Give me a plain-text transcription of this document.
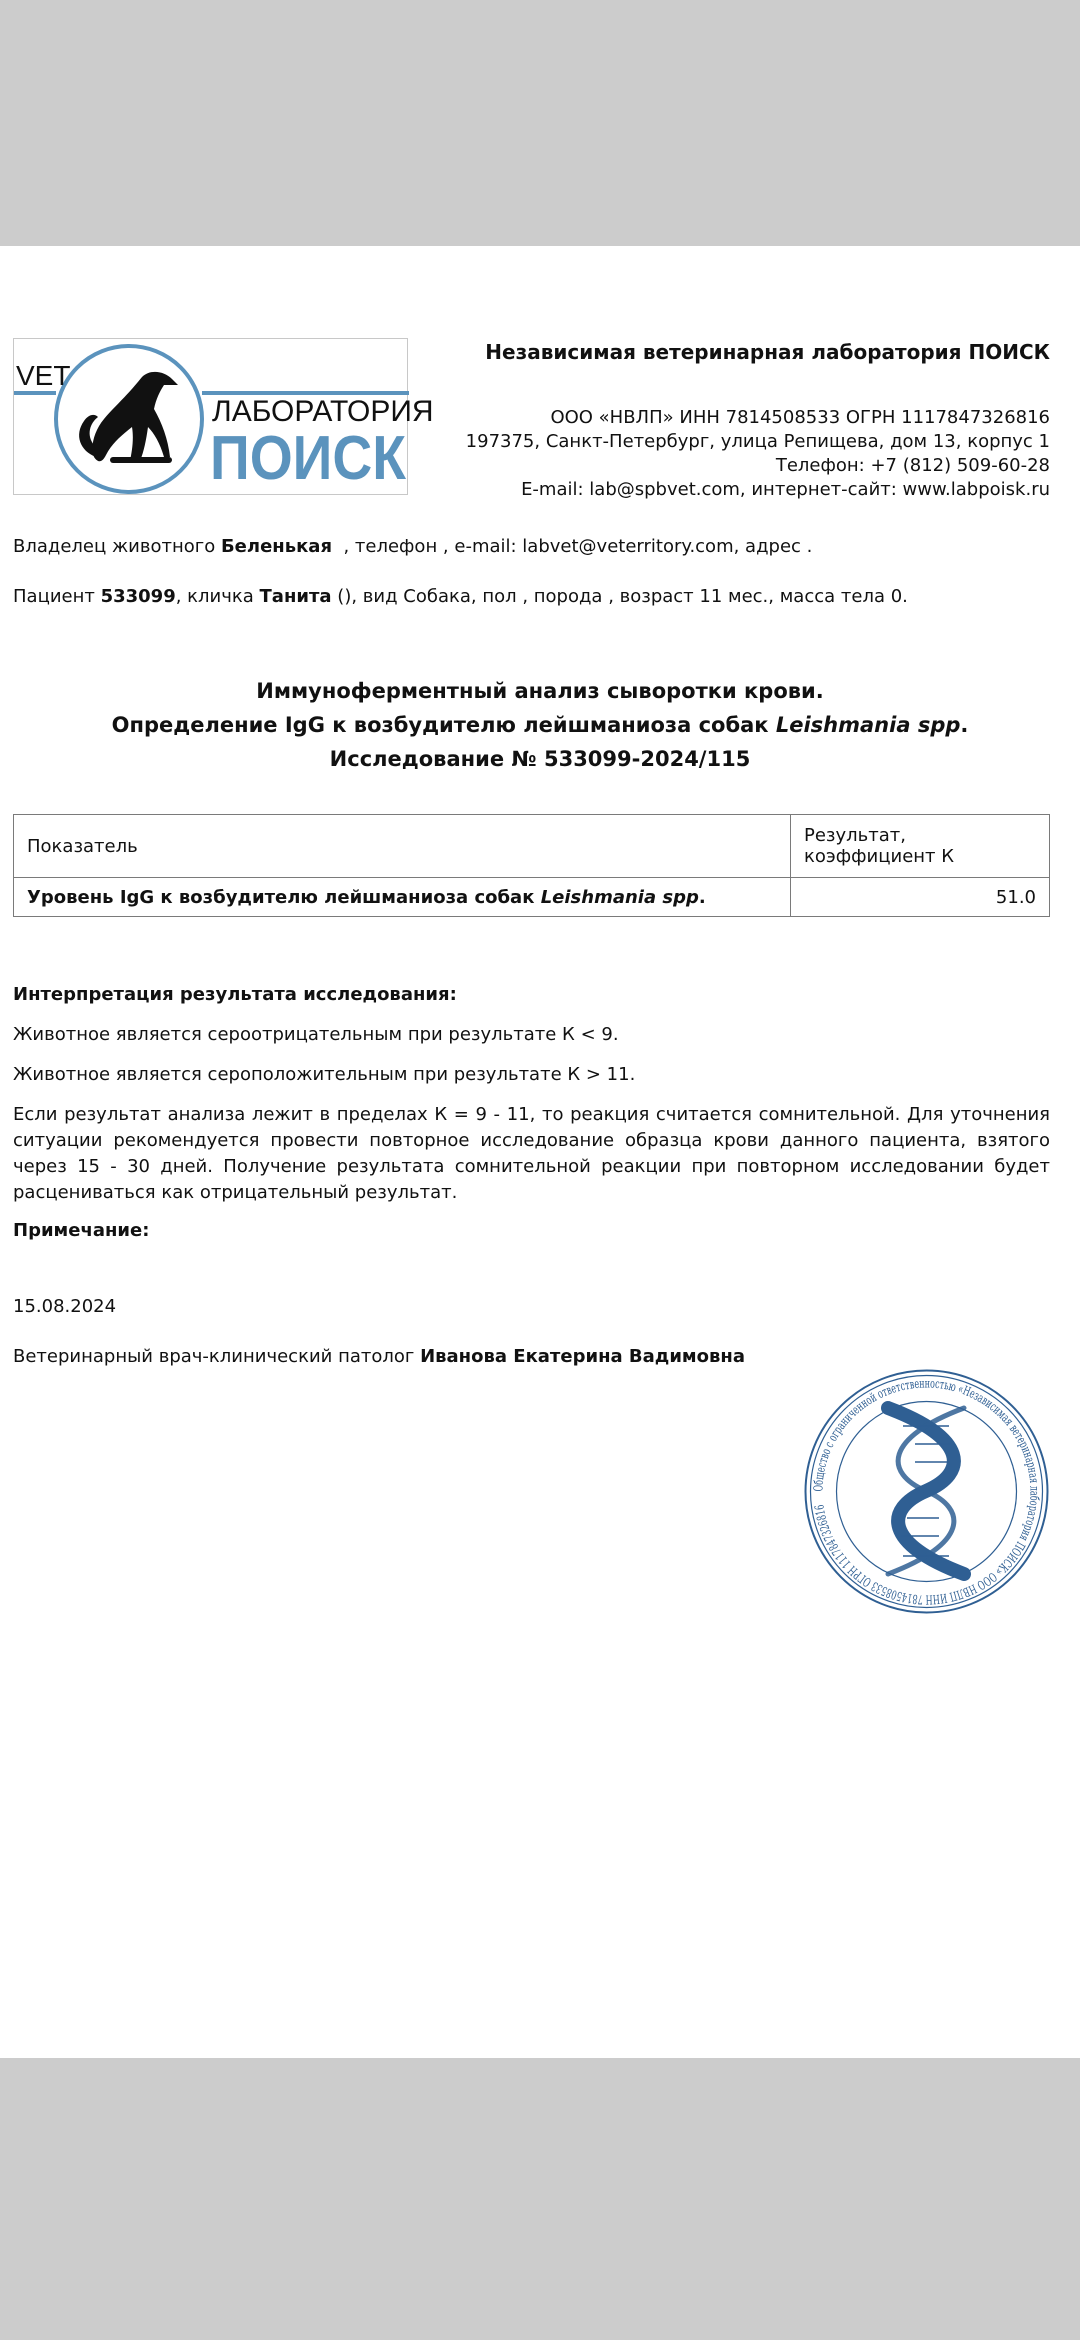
VET
ЛАБОРАТОРИЯ
ПОИСК
Независимая ветеринарная лаборатория ПОИСК
ООО «НВЛП» ИНН 7814508533 ОГРН 1117847326816
197375, Санкт-Петербург, улица Репищева, дом 13, корпус 1
Телефон: +7 (812) 509-60-28
E-mail: lab@spbvet.com, интернет-сайт: www.labpoisk.ru
Владелец животного Беленькая  , телефон , e-mail: labvet@veterritory.com, адрес .
Пациент 533099, кличка Танита (), вид Собака, пол , порода , возраст 11 мес., масса тела 0.
Иммуноферментный анализ сыворотки крови.
Определение IgG к возбудителю лейшманиоза собак Leishmania spp.
Исследование № 533099-2024/115
Показатель	Результат, коэффициент К
Уровень IgG к возбудителю лейшманиоза собак Leishmania spp.	51.0
Интерпретация результата исследования:
Животное является сероотрицательным при результате К < 9.
Животное является сероположительным при результате К > 11.
Если результат анализа лежит в пределах К = 9 - 11, то реакция считается сомнительной. Для уточнения ситуации рекомендуется провести повторное исследование образца крови данного пациента, взятого через 15 - 30 дней. Получение результата сомнительной реакции при повторном исследовании будет расцениваться как отрицательный результат.
Примечание:
15.08.2024
Ветеринарный врач-клинический патолог Иванова Екатерина Вадимовна
Общество с ограниченной ответственностью «Независимая ветеринарная лаборатория ПОИСК» ООО НВЛП ИНН 7814508533 ОГРН 1117847326816
